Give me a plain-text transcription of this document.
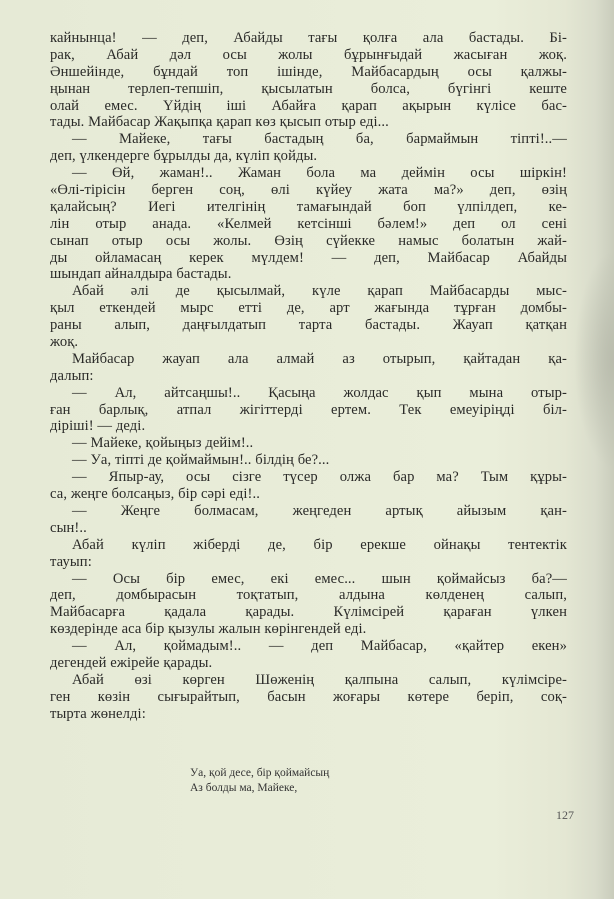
кайнынца! — деп, Абайды тағы қолға ала бастады. Бі-
рак, Абай дәл осы жолы бұрынғыдай жасыған жоқ.
Әншейінде, бұндай топ ішінде, Майбасардың осы қалжы-
ңынан терлеп-тепшіп, қысылатын болса, бүгінгі кеште
олай емес. Үйдің іші Абайға қарап ақырын күлісе бас-
тады. Майбасар Жақыпқа қарап көз қысып отыр еді...
— Майеке, тағы бастадың ба, бармаймын тіпті!..—
деп, үлкендерге бұрылды да, күліп қойды.
— Өй, жаман!.. Жаман бола ма деймін осы шіркін!
«Өлі-тірісін берген соң, өлі күйеу жата ма?» деп, өзің
қалайсың? Иегі ителгінің тамағындай боп үлпілдеп, ке-
лін отыр анада. «Келмей кетсінші бәлем!» деп ол сені
сынап отыр осы жолы. Өзің сүйекке намыс болатын жай-
ды ойламасаң керек мүлдем! — деп, Майбасар Абайды
шындап айналдыра бастады.
Абай әлі де қысылмай, күле қарап Майбасарды мыс-
қыл еткендей мырс етті де, арт жағында тұрған домбы-
раны алып, даңғылдатып тарта бастады. Жауап қатқан
жоқ.
Майбасар жауап ала алмай аз отырып, қайтадан қа-
далып:
— Ал, айтсаңшы!.. Қасыңа жолдас қып мына отыр-
ған барлық, атпал жігіттерді ертем. Тек емеуіріңді біл-
діріші! — деді.
— Майеке, қойыңыз дейім!..
— Уа, тіпті де қоймаймын!.. білдің бе?...
— Япыр-ау, осы сізге түсер олжа бар ма? Тым құры-
са, жеңге болсаңыз, бір сәрі еді!..
— Жеңге болмасам, жеңгеден артық айызым қан-
сын!..
Абай күліп жіберді де, бір ерекше ойнақы тентектік
тауып:
— Осы бір емес, екі емес... шын қоймайсыз ба?—
деп, домбырасын тоқтатып, алдына көлденең салып,
Майбасарға қадала қарады. Күлімсірей қараған үлкен
көздерінде аса бір қызулы жалын көрінгендей еді.
— Ал, қоймадым!.. — деп Майбасар, «қайтер екен»
дегендей ежірейе қарады.
Абай өзі көрген Шөженің қалпына салып, күлімсіре-
ген көзін сығырайтып, басын жоғары көтере беріп, соқ-
тырта жөнелді:
Уа, қой десе, бір қоймайсың
Аз болды ма, Майеке,
127
